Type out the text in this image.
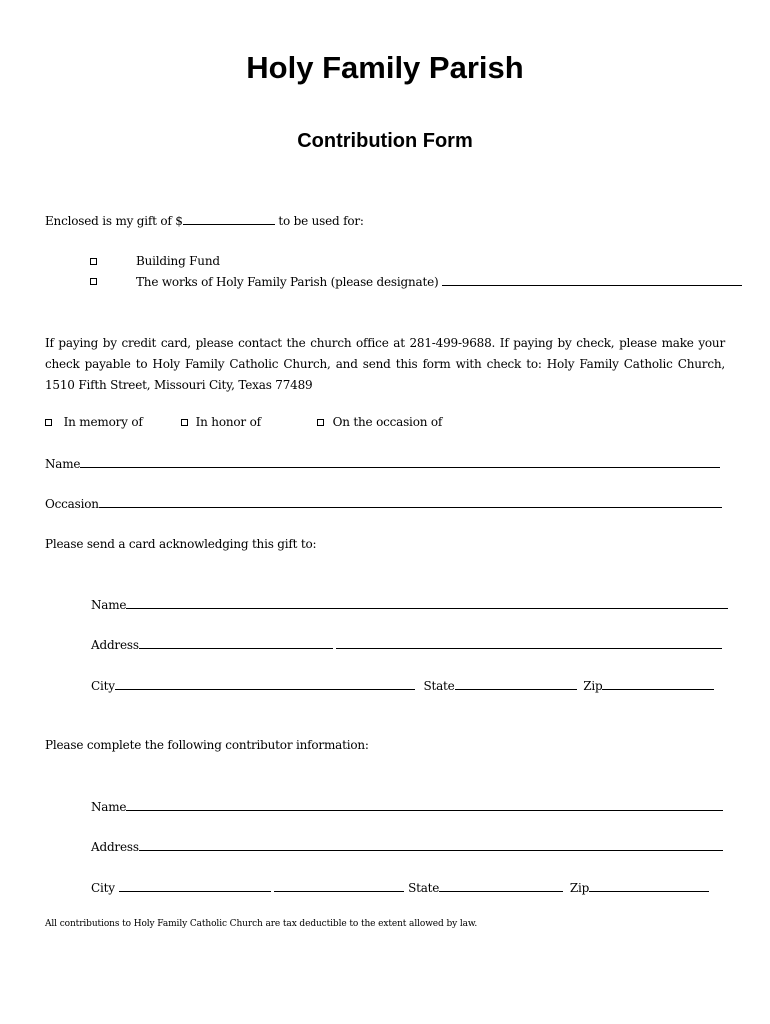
Holy Family Parish
Contribution Form
Enclosed is my gift of $	to be used for:
Building Fund
The works of Holy Family Parish (please designate)
If paying by credit card, please contact the church office at 281-499-9688. If paying by check, please make your check payable to Holy Family Catholic Church, and send this form with check to: Holy Family Catholic Church, 1510 Fifth Street, Missouri City, Texas 77489
In memory of	In honor of	On the occasion of
Name
Occasion
Please send a card acknowledging this gift to:
Name
Address
City	State	Zip
Please complete the following contributor information:
Name
Address
City	State	Zip
All contributions to Holy Family Catholic Church are tax deductible to the extent allowed by law.
